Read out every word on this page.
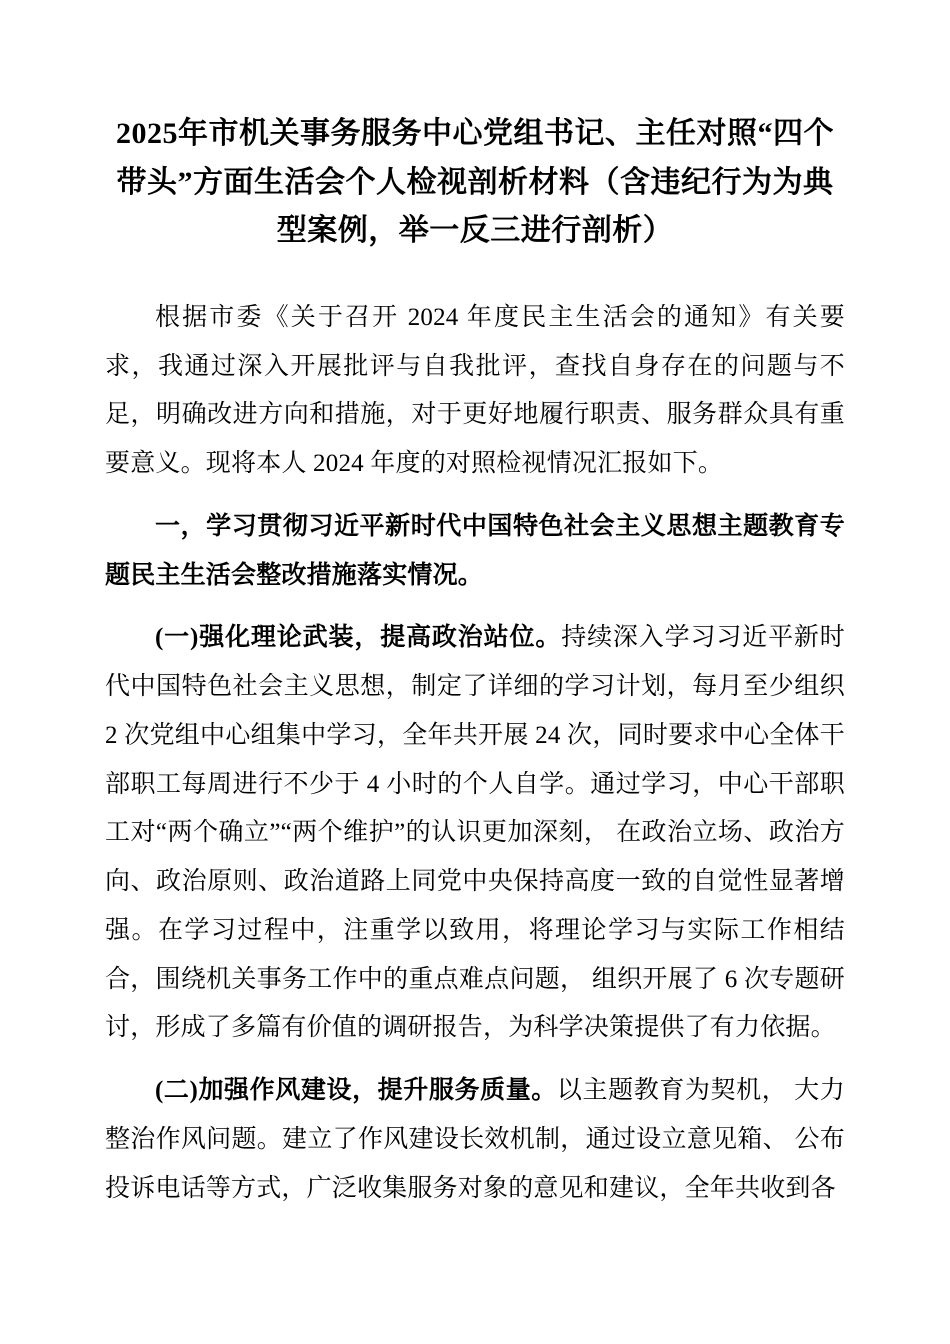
2025年市机关事务服务中心党组书记、主任对照“四个带头”方面生活会个人检视剖析材料（含违纪行为为典型案例，举一反三进行剖析）

根据市委《关于召开 2024 年度民主生活会的通知》有关要求，我通过深入开展批评与自我批评，查找自身存在的问题与不足，明确改进方向和措施，对于更好地履行职责、服务群众具有重要意义。现将本人 2024 年度的对照检视情况汇报如下。

一，学习贯彻习近平新时代中国特色社会主义思想主题教育专题民主生活会整改措施落实情况。

(一)强化理论武装，提高政治站位。持续深入学习习近平新时代中国特色社会主义思想，制定了详细的学习计划，每月至少组织 2 次党组中心组集中学习，全年共开展 24 次，同时要求中心全体干部职工每周进行不少于 4 小时的个人自学。通过学习，中心干部职工对“两个确立”“两个维护”的认识更加深刻， 在政治立场、政治方向、政治原则、政治道路上同党中央保持高度一致的自觉性显著增强。在学习过程中，注重学以致用，将理论学习与实际工作相结合，围绕机关事务工作中的重点难点问题， 组织开展了 6 次专题研讨，形成了多篇有价值的调研报告，为科学决策提供了有力依据。

(二)加强作风建设，提升服务质量。以主题教育为契机， 大力整治作风问题。建立了作风建设长效机制，通过设立意见箱、 公布投诉电话等方式，广泛收集服务对象的意见和建议，全年共收到各
